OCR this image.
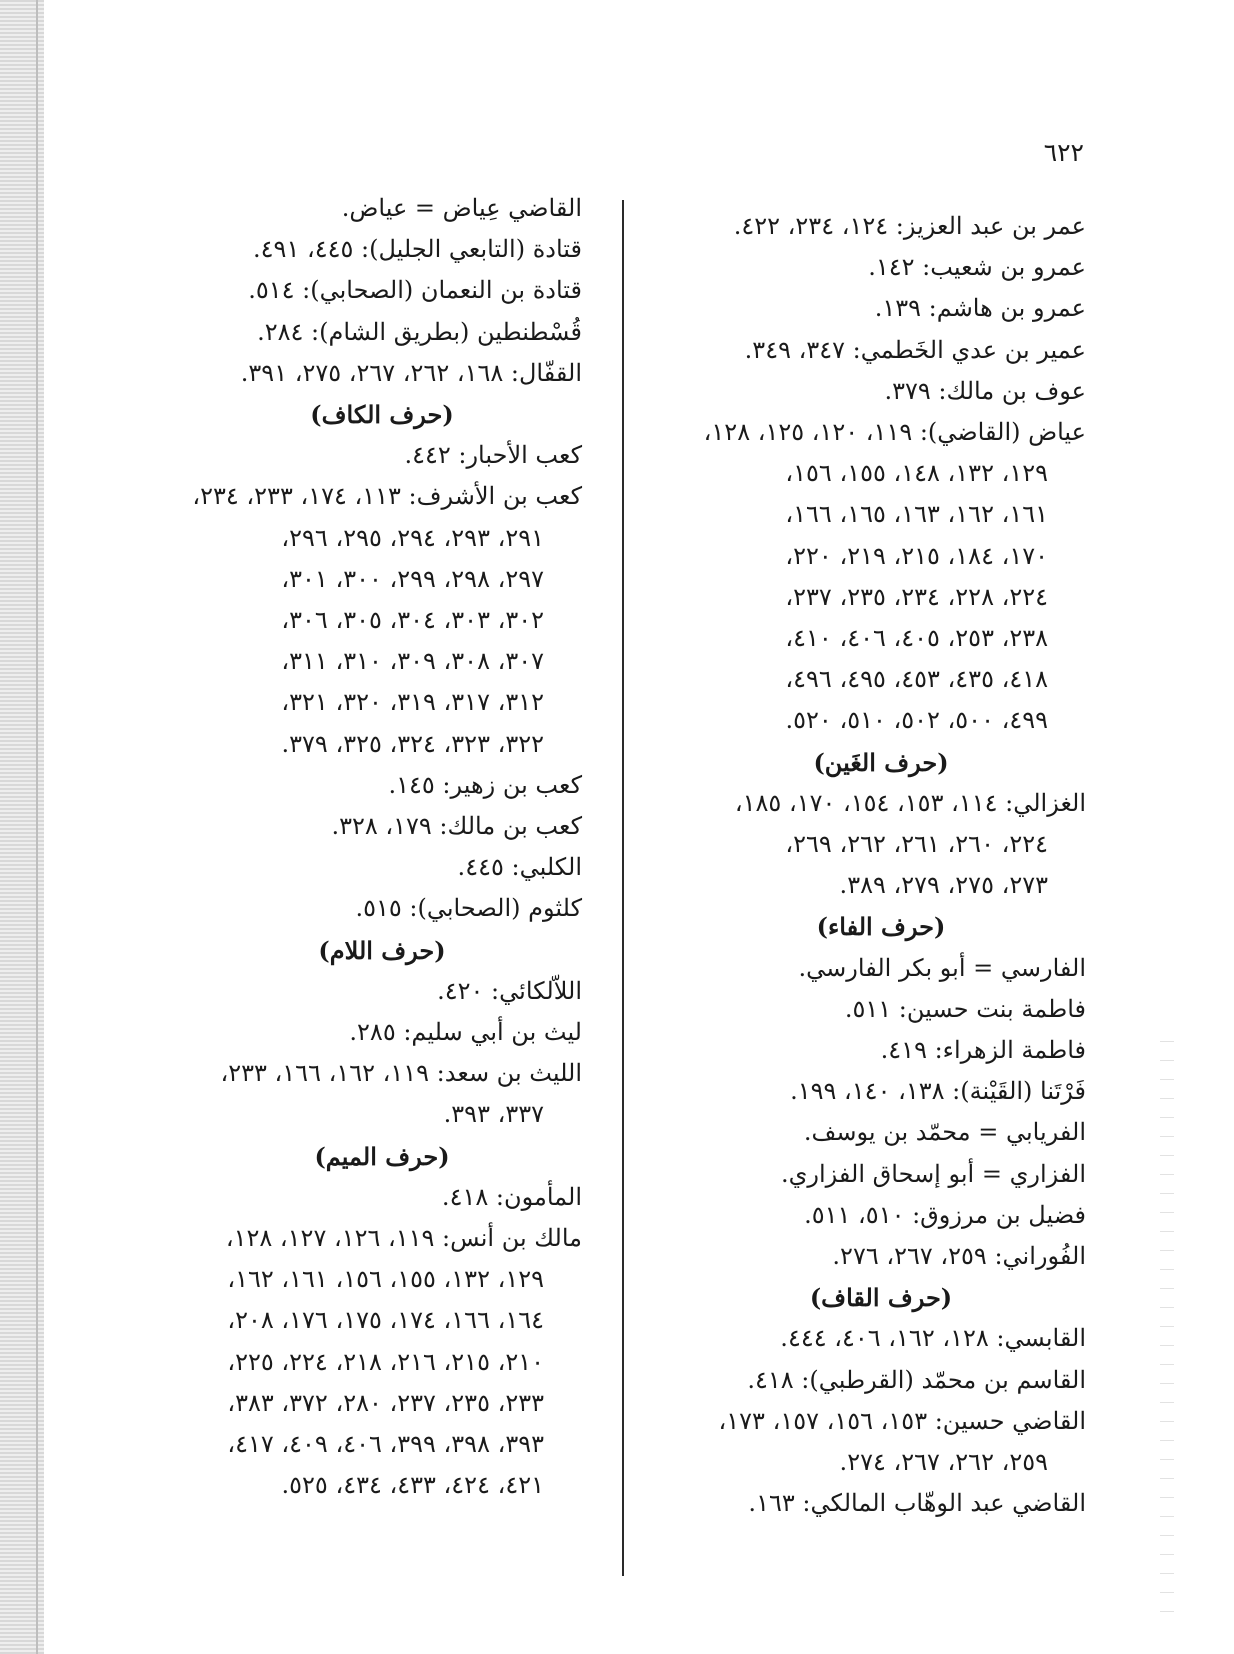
٦٢٢
عمر بن عبد العزيز: ١٢٤، ٢٣٤، ٤٢٢.
عمرو بن شعيب: ١٤٢.
عمرو بن هاشم: ١٣٩.
عمير بن عدي الخَطمي: ٣٤٧، ٣٤٩.
عوف بن مالك: ٣٧٩.
عياض (القاضي): ١١٩، ١٢٠، ١٢٥، ١٢٨،
١٢٩، ١٣٢، ١٤٨، ١٥٥، ١٥٦،
١٦١، ١٦٢، ١٦٣، ١٦٥، ١٦٦،
١٧٠، ١٨٤، ٢١٥، ٢١٩، ٢٢٠،
٢٢٤، ٢٢٨، ٢٣٤، ٢٣٥، ٢٣٧،
٢٣٨، ٢٥٣، ٤٠٥، ٤٠٦، ٤١٠،
٤١٨، ٤٣٥، ٤٥٣، ٤٩٥، ٤٩٦،
٤٩٩، ٥٠٠، ٥٠٢، ٥١٠، ٥٢٠.
(حرف الغَين)
الغزالي: ١١٤، ١٥٣، ١٥٤، ١٧٠، ١٨٥،
٢٢٤، ٢٦٠، ٢٦١، ٢٦٢، ٢٦٩،
٢٧٣، ٢٧٥، ٢٧٩، ٣٨٩.
(حرف الفاء)
الفارسي = أبو بكر الفارسي.
فاطمة بنت حسين: ٥١١.
فاطمة الزهراء: ٤١٩.
فَرْتَنا (القَيْنة): ١٣٨، ١٤٠، ١٩٩.
الفريابي = محمّد بن يوسف.
الفزاري = أبو إسحاق الفزاري.
فضيل بن مرزوق: ٥١٠، ٥١١.
الفُوراني: ٢٥٩، ٢٦٧، ٢٧٦.
(حرف القاف)
القابسي: ١٢٨، ١٦٢، ٤٠٦، ٤٤٤.
القاسم بن محمّد (القرطبي): ٤١٨.
القاضي حسين: ١٥٣، ١٥٦، ١٥٧، ١٧٣،
٢٥٩، ٢٦٢، ٢٦٧، ٢٧٤.
القاضي عبد الوهّاب المالكي: ١٦٣.
القاضي عِياض = عياض.
قتادة (التابعي الجليل): ٤٤٥، ٤٩١.
قتادة بن النعمان (الصحابي): ٥١٤.
قُسْطنطين (بطريق الشام): ٢٨٤.
القفّال: ١٦٨، ٢٦٢، ٢٦٧، ٢٧٥، ٣٩١.
(حرف الكاف)
كعب الأحبار: ٤٤٢.
كعب بن الأشرف: ١١٣، ١٧٤، ٢٣٣، ٢٣٤،
٢٩١، ٢٩٣، ٢٩٤، ٢٩٥، ٢٩٦،
٢٩٧، ٢٩٨، ٢٩٩، ٣٠٠، ٣٠١،
٣٠٢، ٣٠٣، ٣٠٤، ٣٠٥، ٣٠٦،
٣٠٧، ٣٠٨، ٣٠٩، ٣١٠، ٣١١،
٣١٢، ٣١٧، ٣١٩، ٣٢٠، ٣٢١،
٣٢٢، ٣٢٣، ٣٢٤، ٣٢٥، ٣٧٩.
كعب بن زهير: ١٤٥.
كعب بن مالك: ١٧٩، ٣٢٨.
الكلبي: ٤٤٥.
كلثوم (الصحابي): ٥١٥.
(حرف اللام)
اللاّلكائي: ٤٢٠.
ليث بن أبي سليم: ٢٨٥.
الليث بن سعد: ١١٩، ١٦٢، ١٦٦، ٢٣٣،
٣٣٧، ٣٩٣.
(حرف الميم)
المأمون: ٤١٨.
مالك بن أنس: ١١٩، ١٢٦، ١٢٧، ١٢٨،
١٢٩، ١٣٢، ١٥٥، ١٥٦، ١٦١، ١٦٢،
١٦٤، ١٦٦، ١٧٤، ١٧٥، ١٧٦، ٢٠٨،
٢١٠، ٢١٥، ٢١٦، ٢١٨، ٢٢٤، ٢٢٥،
٢٣٣، ٢٣٥، ٢٣٧، ٢٨٠، ٣٧٢، ٣٨٣،
٣٩٣، ٣٩٨، ٣٩٩، ٤٠٦، ٤٠٩، ٤١٧،
٤٢١، ٤٢٤، ٤٣٣، ٤٣٤، ٥٢٥.
